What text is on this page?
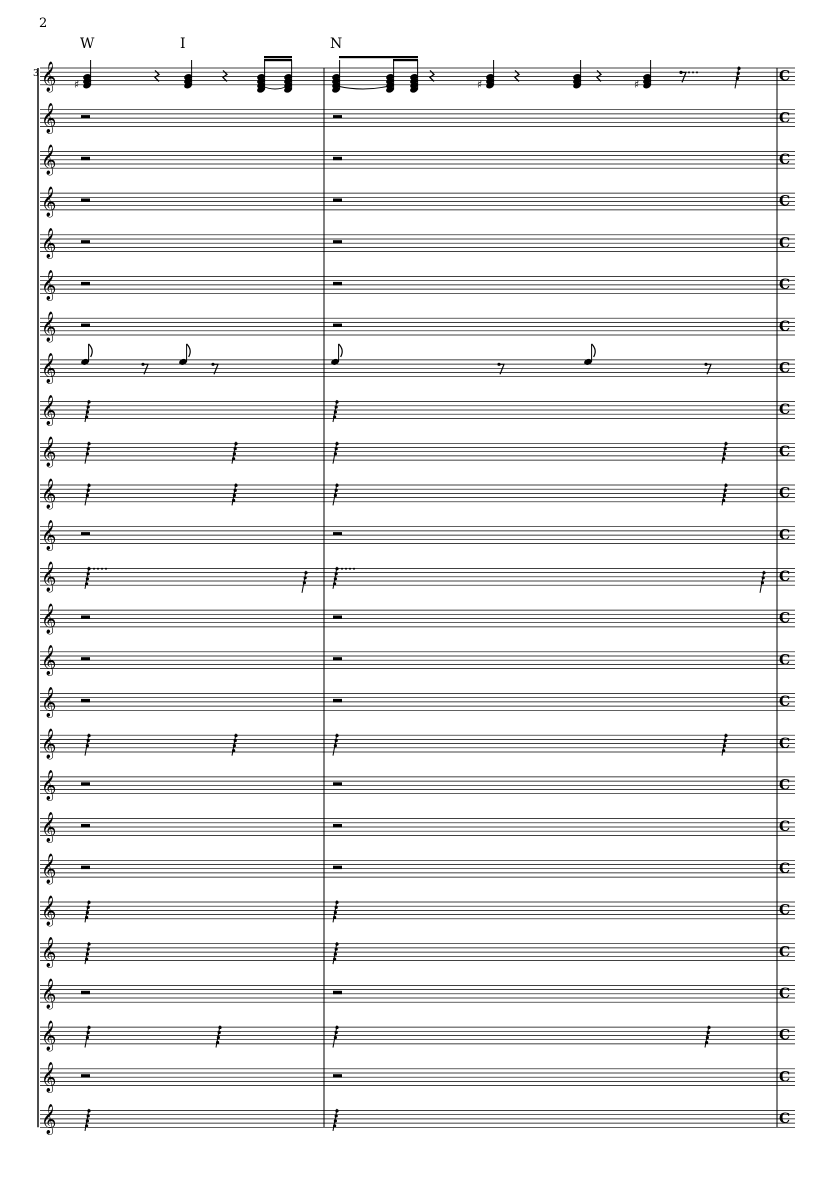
2
3
W	I	N
𝄞	C
♯	♯	♯
𝄞	C
𝄞	C
𝄞	C
𝄞	C
𝄞	C
𝄞	C
𝄞	C
𝄞	C
𝄞	C
𝄞	C
𝄞	C
𝄞	C
𝄞	C
𝄞	C
𝄞	C
𝄞	C
𝄞	C
𝄞	C
𝄞	C
𝄞	C
𝄞	C
𝄞	C
𝄞	C
𝄞	C
𝄞	C
